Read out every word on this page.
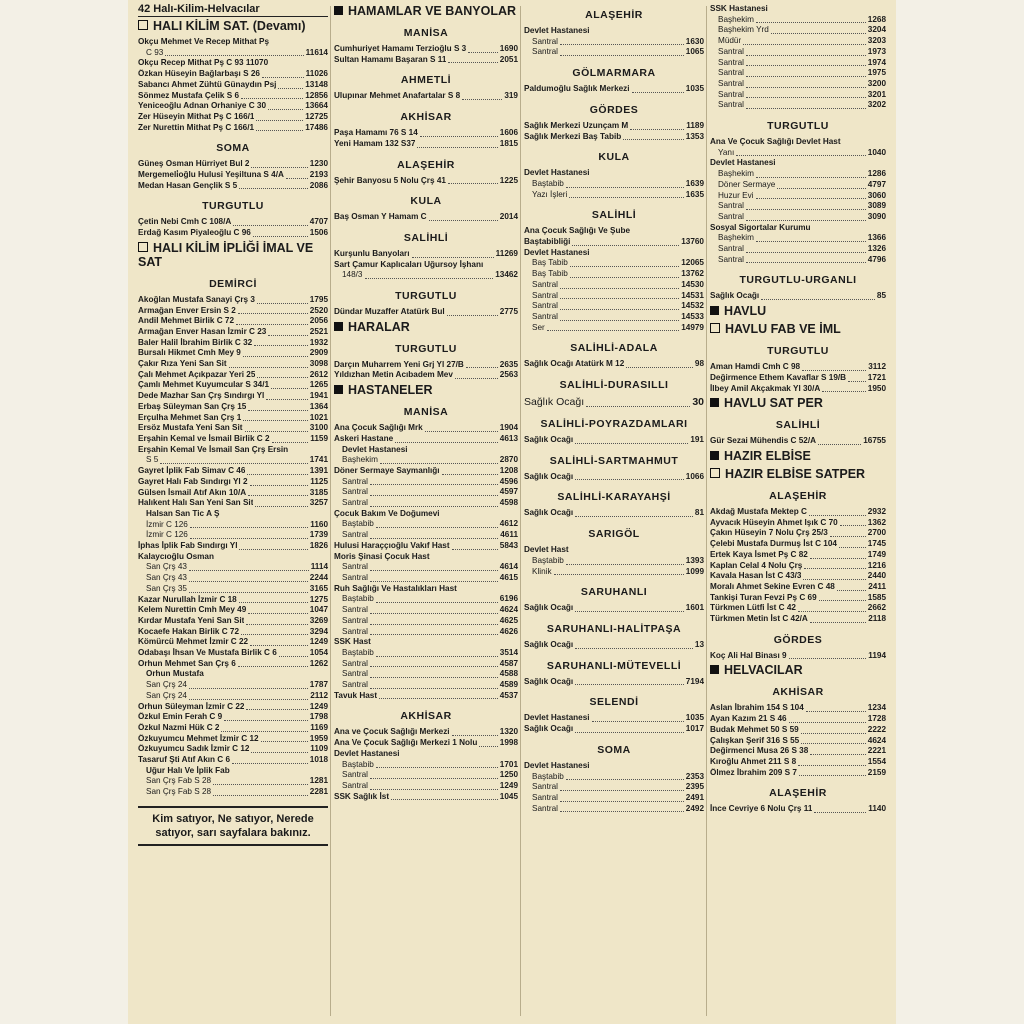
42 Halı-Kilim-Helvacılar
HALI KİLİM SAT. (Devamı)
Okçu Mehmet Ve Recep Mithat Pş
C 93	11614
Okçu Recep Mithat Pş C 93 11070
Özkan Hüseyin Bağlarbaşı S 26	11026
Sabancı Ahmet Zühtü Günaydın Psj	13148
Sönmez Mustafa Çelik S 6	12856
Yeniceoğlu Adnan Orhaniye C 30	13664
Zer Hüseyin Mithat Pş C 166/1	12725
Zer Nurettin Mithat Pş C 166/1	17486
SOMA
Güneş Osman Hürriyet Bul 2	1230
Mergemeli̇oğlu Hulusi Yeşiltuna S 4/A	2193
Medan Hasan Gençlik S 5	2086
TURGUTLU
Çetin Nebi Cmh C 108/A	4707
Erdağ Kasım Piyaleoğlu C 96	1506
HALI KİLİM İPLİĞİ İMAL VE SAT
DEMİRCİ
Akoğlan Mustafa Sanayi Çrş 3	1795
Armağan Enver Ersin S 2	2520
Andil Mehmet Birlik C 72	2056
Armağan Enver Hasan İzmir C 23	2521
Baler Halil İbrahim Birlik C 32	1932
Bursalı Hikmet Cmh Mey 9	2909
Çakır Rıza Yeni San Sit	3098
Çalı Mehmet Açıkpazar Yeri 25	2612
Çamlı Mehmet Kuyumcular S 34/1	1265
Dede Mazhar San Çrş Sındırgı Yl	1941
Erbaş Süleyman San Çrş 15	1364
Erçulha Mehmet San Çrş 1	1021
Ersöz Mustafa Yeni San Sit	3100
Erşahin Kemal ve İsmail Birlik C 2	1159
Erşahin Kemal Ve İsmail San Çrş Ersin
S 5	1741
Gayret İplik Fab Simav C 46	1391
Gayret Halı Fab Sındırgı Yl 2	1125
Gülsen İsmail Atıf Akın 10/A	3185
Halıkent Halı San Yeni San Sit	3257
Halsan San Tic A Ş
İzmir C 126	1160
İzmir C 126	1739
İphas İplik Fab Sındırgı Yl	1826
Kalaycıoğlu Osman
San Çrş 43	1114
San Çrş 43	2244
San Çrş 35	3165
Kazar Nurullah İzmir C 18	1275
Kelem Nurettin Cmh Mey 49	1047
Kırdar Mustafa Yeni San Sit	3269
Kocaefe Hakan Birlik C 72	3294
Kömürcü Mehmet İzmir C 22	1249
Odabaşı İhsan Ve Mustafa Birlik C 6	1054
Orhun Mehmet San Çrş 6	1262
Orhun Mustafa
San Çrş 24	1787
San Çrş 24	2112
Orhun Süleyman İzmir C 22	1249
Özkul Emin Ferah C 9	1798
Özkul Nazmi Hük C 2	1169
Özkuyumcu Mehmet İzmir C 12	1959
Özkuyumcu Sadık İzmir C 12	1109
Tasaruf Şti Atıf Akın C 6	1018
Uğur Halı Ve İplik Fab
San Çrş Fab S 28	1281
San Çrş Fab S 28	2281
Kim satıyor, Ne satıyor, Nerede satıyor, sarı sayfalara bakınız.
HAMAMLAR VE BANYOLAR
MANİSA
Cumhuriyet Hamamı Terzioğlu S 3	1690
Sultan Hamamı Başaran S 11	2051
AHMETLİ
Ulupınar Mehmet Anafartalar S 8	319
AKHİSAR
Paşa Hamamı 76 S 14	1606
Yeni Hamam 132 S37	1815
ALAŞEHİR
Şehir Banyosu 5 Nolu Çrş 41	1225
KULA
Baş Osman Y Hamam C	2014
SALİHLİ
Kurşunlu Banyoları	11269
Sart Çamur Kaplıcaları Uğursoy İşhanı
148/3	13462
TURGUTLU
Dündar Muzaffer Atatürk Bul	2775
HARALAR
TURGUTLU
Darçın Muharrem Yeni Grj Yl 27/B	2635
Yıldızhan Metin Acıbadem Mev	2563
HASTANELER
MANİSA
Ana Çocuk Sağlığı Mrk	1904
Askeri Hastane	4613
Devlet Hastanesi
Başhekim	2870
Döner Sermaye Saymanlığı	1208
Santral	4596
Santral	4597
Santral	4598
Çocuk Bakım Ve Doğumevi
Baştabib	4612
Santral	4611
Hulusi Haraççıoğlu Vakıf Hast	5843
Moris Şinasi Çocuk Hast
Santral	4614
Santral	4615
Ruh Sağlığı Ve Hastalıkları Hast
Baştabib	6196
Santral	4624
Santral	4625
Santral	4626
SSK Hast
Baştabib	3514
Santral	4587
Santral	4588
Santral	4589
Tavuk Hast	4537
AKHİSAR
Ana ve Çocuk Sağlığı Merkezi	1320
Ana Ve Çocuk Sağlığı Merkezi 1 Nolu	1998
Devlet Hastanesi
Baştabib	1701
Santral	1250
Santral	1249
SSK Sağlık İst	1045
ALAŞEHİR
Devlet Hastanesi
Santral	1630
Santral	1065
GÖLMARMARA
Paldumoğlu Sağlık Merkezi	1035
GÖRDES
Sağlık Merkezi Uzunçam M	1189
Sağlık Merkezi Baş Tabib	1353
KULA
Devlet Hastanesi
Baştabib	1639
Yazı İşleri	1635
SALİHLİ
Ana Çocuk Sağlığı Ve Şube
Baştabibliği	13760
Devlet Hastanesi
Baş Tabib	12065
Baş Tabib	13762
Santral	14530
Santral	14531
Santral	14532
Santral	14533
Ser	14979
SALİHLİ-ADALA
Sağlık Ocağı Atatürk M 12	98
SALİHLİ-DURASILLI
Sağlık Ocağı	30
SALİHLİ-POYRAZDAMLARI
Sağlık Ocağı	191
SALİHLİ-SARTMAHMUT
Sağlık Ocağı	1066
SALİHLİ-KARAYAHŞİ
Sağlık Ocağı	81
SARIGÖL
Devlet Hast
Baştabib	1393
Klinik	1099
SARUHANLI
Sağlık Ocağı	1601
SARUHANLI-HALİTPAŞA
Sağlık Ocağı	13
SARUHANLI-MÜTEVELLİ
Sağlık Ocağı	7194
SELENDİ
Devlet Hastanesi	1035
Sağlık Ocağı	1017
SOMA
Devlet Hastanesi
Baştabib	2353
Santral	2395
Santral	2491
Santral	2492
SSK Hastanesi
Başhekim	1268
Başhekim Yrd	3204
Müdür	3203
Santral	1973
Santral	1974
Santral	1975
Santral	3200
Santral	3201
Santral	3202
TURGUTLU
Ana Ve Çocuk Sağlığı Devlet Hast
Yanı	1040
Devlet Hastanesi
Başhekim	1286
Döner Sermaye	4797
Huzur Evi	3060
Santral	3089
Santral	3090
Sosyal Sigortalar Kurumu
Başhekim	1366
Santral	1326
Santral	4796
TURGUTLU-URGANLI
Sağlık Ocağı	85
HAVLU
HAVLU FAB VE İML
TURGUTLU
Aman Hamdi Cmh C 98	3112
Değirmence Ethem Kavaflar S 19/B	1721
İlbey Amil Akçakmak Yl 30/A	1950
HAVLU SAT PER
SALİHLİ
Gür Sezai Mühendis C 52/A	16755
HAZIR ELBİSE
HAZIR ELBİSE SATPER
ALAŞEHİR
Akdağ Mustafa Mektep C	2932
Ayvacık Hüseyin Ahmet Işık C 70	1362
Çakın Hüseyin 7 Nolu Çrş 25/3	2700
Çelebi Mustafa Durmuş İst C 104	1745
Ertek Kaya İsmet Pş C 82	1749
Kaplan Celal 4 Nolu Çrş	1216
Kavala Hasan İst C 43/3	2440
Moralı Ahmet Sekine Evren C 48	2411
Tankişi Turan Fevzi Pş C 69	1585
Türkmen Lütfi İst C 42	2662
Türkmen Metin İst C 42/A	2118
GÖRDES
Koç Ali Hal Binası 9	1194
HELVACILAR
AKHİSAR
Aslan İbrahim 154 S 104	1234
Ayan Kazım 21 S 46	1728
Budak Mehmet 50 S 59	2222
Çalışkan Şerif 316 S 55	4624
Değirmenci Musa 26 S 38	2221
Kıroğlu Ahmet 211 S 8	1554
Ölmez İbrahim 209 S 7	2159
ALAŞEHİR
İnce Cevriye 6 Nolu Çrş 11	1140
